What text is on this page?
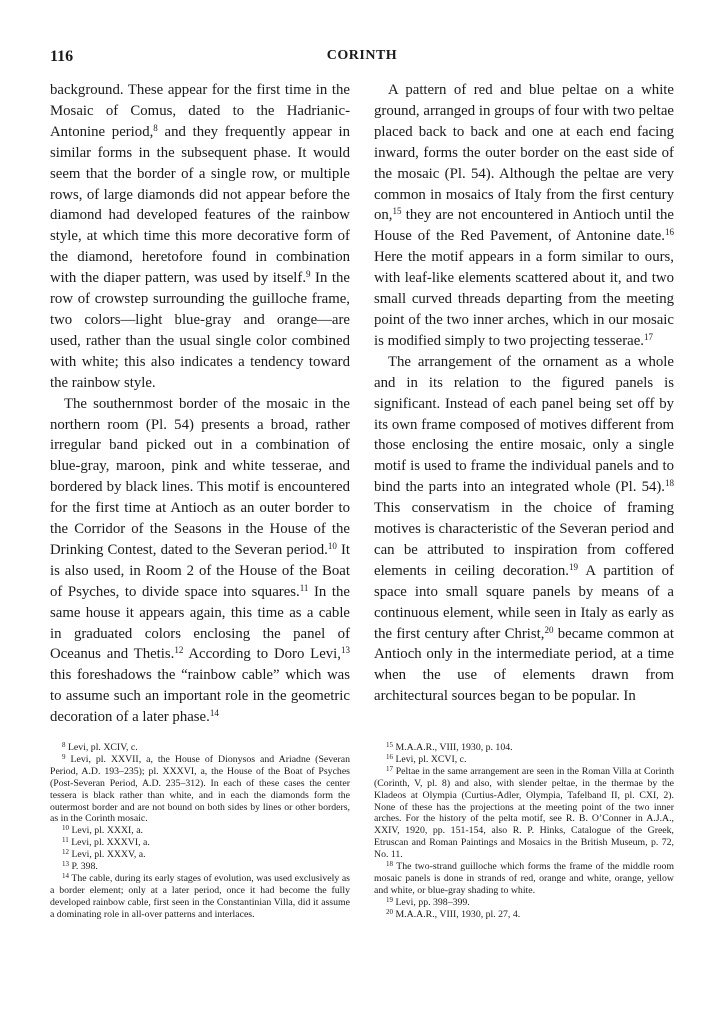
116	CORINTH

background. These appear for the first time in the Mosaic of Comus, dated to the Hadrianic-Antonine period,$^8$ and they frequently appear in similar forms in the subsequent phase. It would seem that the border of a single row, or multiple rows, of large diamonds did not appear before the diamond had developed features of the rainbow style, at which time this more decorative form of the diamond, heretofore found in combination with the diaper pattern, was used by itself.$^9$ In the row of crowstep surrounding the guilloche frame, two colors—light blue-gray and orange—are used, rather than the usual single color combined with white; this also indicates a tendency toward the rainbow style.

The southernmost border of the mosaic in the northern room (Pl. 54) presents a broad, rather irregular band picked out in a combination of blue-gray, maroon, pink and white tesserae, and bordered by black lines. This motif is encountered for the first time at Antioch as an outer border to the Corridor of the Seasons in the House of the Drinking Contest, dated to the Severan period.$^{10}$ It is also used, in Room 2 of the House of the Boat of Psyches, to divide space into squares.$^{11}$ In the same house it appears again, this time as a cable in graduated colors enclosing the panel of Oceanus and Thetis.$^{12}$ According to Doro Levi,$^{13}$ this foreshadows the “rainbow cable” which was to assume such an important role in the geometric decoration of a later phase.$^{14}$

A pattern of red and blue peltae on a white ground, arranged in groups of four with two peltae placed back to back and one at each end facing inward, forms the outer border on the east side of the mosaic (Pl. 54). Although the peltae are very common in mosaics of Italy from the first century on,$^{15}$ they are not encountered in Antioch until the House of the Red Pavement, of Antonine date.$^{16}$ Here the motif appears in a form similar to ours, with leaf-like elements scattered about it, and two small curved threads departing from the meeting point of the two inner arches, which in our mosaic is modified simply to two projecting tesserae.$^{17}$

The arrangement of the ornament as a whole and in its relation to the figured panels is significant. Instead of each panel being set off by its own frame composed of motives different from those enclosing the entire mosaic, only a single motif is used to frame the individual panels and to bind the parts into an integrated whole (Pl. 54).$^{18}$ This conservatism in the choice of framing motives is characteristic of the Severan period and can be attributed to inspiration from coffered elements in ceiling decoration.$^{19}$ A partition of space into small square panels by means of a continuous element, while seen in Italy as early as the first century after Christ,$^{20}$ became common at Antioch only in the intermediate period, at a time when the use of elements drawn from architectural sources began to be popular. In

$^8$ Levi, pl. XCIV, c.

$^9$ Levi, pl. XXVII, a, the House of Dionysos and Ariadne (Severan Period, A.D. 193–235); pl. XXXVI, a, the House of the Boat of Psyches (Post-Severan Period, A.D. 235–312). In each of these cases the center tessera is black rather than white, and in each the diamonds form the outermost border and are not bound on both sides by lines or other borders, as in the Corinth mosaic.

$^{10}$ Levi, pl. XXXI, a.

$^{11}$ Levi, pl. XXXVI, a.

$^{12}$ Levi, pl. XXXV, a.

$^{13}$ P. 398.

$^{14}$ The cable, during its early stages of evolution, was used exclusively as a border element; only at a later period, once it had become the fully developed rainbow cable, first seen in the Constantinian Villa, did it assume a dominating role in all-over patterns and interlaces.

$^{15}$ M.A.A.R., VIII, 1930, p. 104.

$^{16}$ Levi, pl. XCVI, c.

$^{17}$ Peltae in the same arrangement are seen in the Roman Villa at Corinth (Corinth, V, pl. 8) and also, with slender peltae, in the thermae by the Kladeos at Olympia (Curtius-Adler, Olympia, Tafelband II, pl. CXI, 2). None of these has the projections at the meeting point of the two inner arches. For the history of the pelta motif, see R. B. O’Conner in A.J.A., XXIV, 1920, pp. 151-154, also R. P. Hinks, Catalogue of the Greek, Etruscan and Roman Paintings and Mosaics in the British Museum, p. 72, No. 11.

$^{18}$ The two-strand guilloche which forms the frame of the middle room mosaic panels is done in strands of red, orange and white, orange, yellow and white, or blue-gray shading to white.

$^{19}$ Levi, pp. 398–399.

$^{20}$ M.A.A.R., VIII, 1930, pl. 27, 4.
